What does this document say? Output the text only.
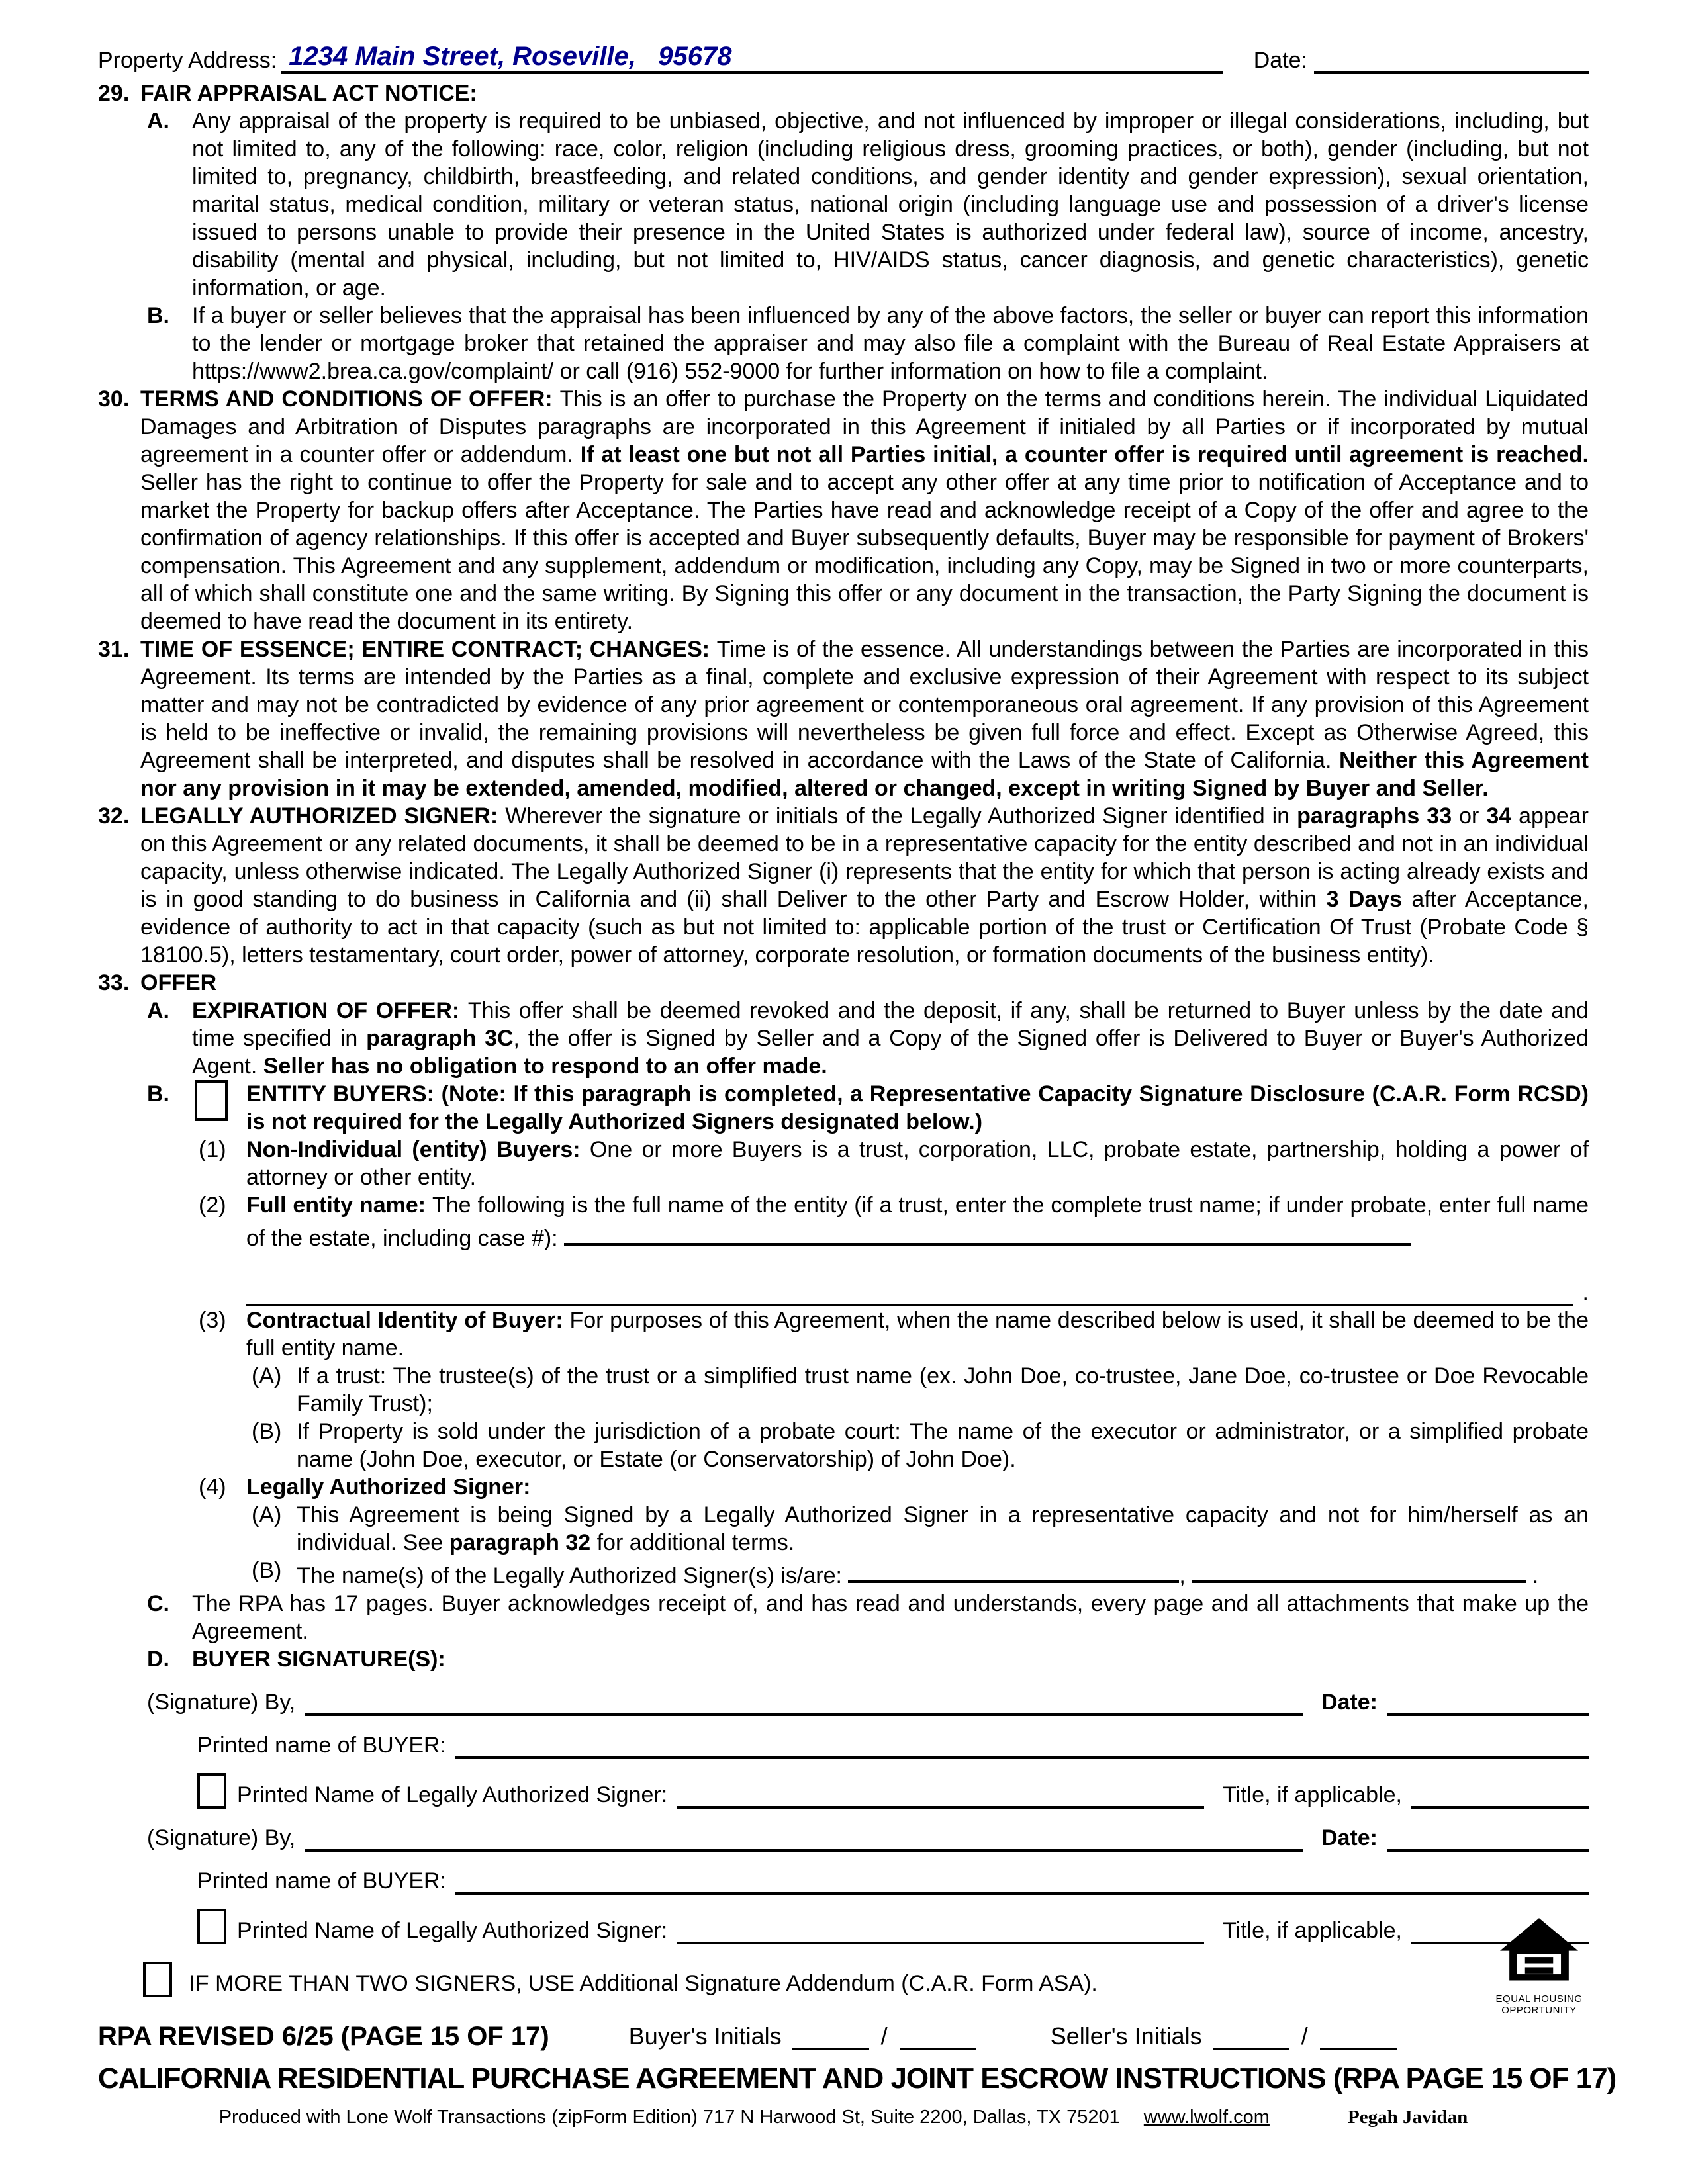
Property Address: 1234 Main Street, Roseville,   95678	Date:
29. FAIR APPRAISAL ACT NOTICE:
A. Any appraisal of the property is required to be unbiased, objective, and not influenced by improper or illegal considerations, including, but not limited to, any of the following: race, color, religion (including religious dress, grooming practices, or both), gender (including, but not limited to, pregnancy, childbirth, breastfeeding, and related conditions, and gender identity and gender expression), sexual orientation, marital status, medical condition, military or veteran status, national origin (including language use and possession of a driver's license issued to persons unable to provide their presence in the United States is authorized under federal law), source of income, ancestry, disability (mental and physical, including, but not limited to, HIV/AIDS status, cancer diagnosis, and genetic characteristics), genetic information, or age.
B. If a buyer or seller believes that the appraisal has been influenced by any of the above factors, the seller or buyer can report this information to the lender or mortgage broker that retained the appraiser and may also file a complaint with the Bureau of Real Estate Appraisers at https://www2.brea.ca.gov/complaint/ or call (916) 552-9000 for further information on how to file a complaint.
30. TERMS AND CONDITIONS OF OFFER: This is an offer to purchase the Property on the terms and conditions herein. The individual Liquidated Damages and Arbitration of Disputes paragraphs are incorporated in this Agreement if initialed by all Parties or if incorporated by mutual agreement in a counter offer or addendum. If at least one but not all Parties initial, a counter offer is required until agreement is reached. Seller has the right to continue to offer the Property for sale and to accept any other offer at any time prior to notification of Acceptance and to market the Property for backup offers after Acceptance. The Parties have read and acknowledge receipt of a Copy of the offer and agree to the confirmation of agency relationships. If this offer is accepted and Buyer subsequently defaults, Buyer may be responsible for payment of Brokers' compensation. This Agreement and any supplement, addendum or modification, including any Copy, may be Signed in two or more counterparts, all of which shall constitute one and the same writing. By Signing this offer or any document in the transaction, the Party Signing the document is deemed to have read the document in its entirety.
31. TIME OF ESSENCE; ENTIRE CONTRACT; CHANGES: Time is of the essence. All understandings between the Parties are incorporated in this Agreement. Its terms are intended by the Parties as a final, complete and exclusive expression of their Agreement with respect to its subject matter and may not be contradicted by evidence of any prior agreement or contemporaneous oral agreement. If any provision of this Agreement is held to be ineffective or invalid, the remaining provisions will nevertheless be given full force and effect. Except as Otherwise Agreed, this Agreement shall be interpreted, and disputes shall be resolved in accordance with the Laws of the State of California. Neither this Agreement nor any provision in it may be extended, amended, modified, altered or changed, except in writing Signed by Buyer and Seller.
32. LEGALLY AUTHORIZED SIGNER: Wherever the signature or initials of the Legally Authorized Signer identified in paragraphs 33 or 34 appear on this Agreement or any related documents, it shall be deemed to be in a representative capacity for the entity described and not in an individual capacity, unless otherwise indicated. The Legally Authorized Signer (i) represents that the entity for which that person is acting already exists and is in good standing to do business in California and (ii) shall Deliver to the other Party and Escrow Holder, within 3 Days after Acceptance, evidence of authority to act in that capacity (such as but not limited to: applicable portion of the trust or Certification Of Trust (Probate Code § 18100.5), letters testamentary, court order, power of attorney, corporate resolution, or formation documents of the business entity).
33. OFFER
A. EXPIRATION OF OFFER: This offer shall be deemed revoked and the deposit, if any, shall be returned to Buyer unless by the date and time specified in paragraph 3C, the offer is Signed by Seller and a Copy of the Signed offer is Delivered to Buyer or Buyer's Authorized Agent. Seller has no obligation to respond to an offer made.
B.	ENTITY BUYERS: (Note: If this paragraph is completed, a Representative Capacity Signature Disclosure (C.A.R. Form RCSD) is not required for the Legally Authorized Signers designated below.)
(1) Non-Individual (entity) Buyers: One or more Buyers is a trust, corporation, LLC, probate estate, partnership, holding a power of attorney or other entity.
(2) Full entity name: The following is the full name of the entity (if a trust, enter the complete trust name; if under probate, enter full name of the estate, including case #):
.
(3) Contractual Identity of Buyer: For purposes of this Agreement, when the name described below is used, it shall be deemed to be the full entity name.
(A) If a trust: The trustee(s) of the trust or a simplified trust name (ex. John Doe, co-trustee, Jane Doe, co-trustee or Doe Revocable Family Trust);
(B) If Property is sold under the jurisdiction of a probate court: The name of the executor or administrator, or a simplified probate name (John Doe, executor, or Estate (or Conservatorship) of John Doe).
(4) Legally Authorized Signer:
(A) This Agreement is being Signed by a Legally Authorized Signer in a representative capacity and not for him/herself as an individual. See paragraph 32 for additional terms.
(B) The name(s) of the Legally Authorized Signer(s) is/are:	,	.
C. The RPA has 17 pages. Buyer acknowledges receipt of, and has read and understands, every page and all attachments that make up the Agreement.
D. BUYER SIGNATURE(S):
(Signature) By,	Date:
Printed name of BUYER:
Printed Name of Legally Authorized Signer:	Title, if applicable,
(Signature) By,	Date:
Printed name of BUYER:
Printed Name of Legally Authorized Signer:	Title, if applicable,
IF MORE THAN TWO SIGNERS, USE Additional Signature Addendum (C.A.R. Form ASA).
EQUAL HOUSING
OPPORTUNITY
RPA REVISED 6/25 (PAGE 15 OF 17)	Buyer's Initials	/	Seller's Initials	/
CALIFORNIA RESIDENTIAL PURCHASE AGREEMENT AND JOINT ESCROW INSTRUCTIONS (RPA PAGE 15 OF 17)
Produced with Lone Wolf Transactions (zipForm Edition) 717 N Harwood St, Suite 2200, Dallas, TX 75201 www.lwolf.com	Pegah Javidan
